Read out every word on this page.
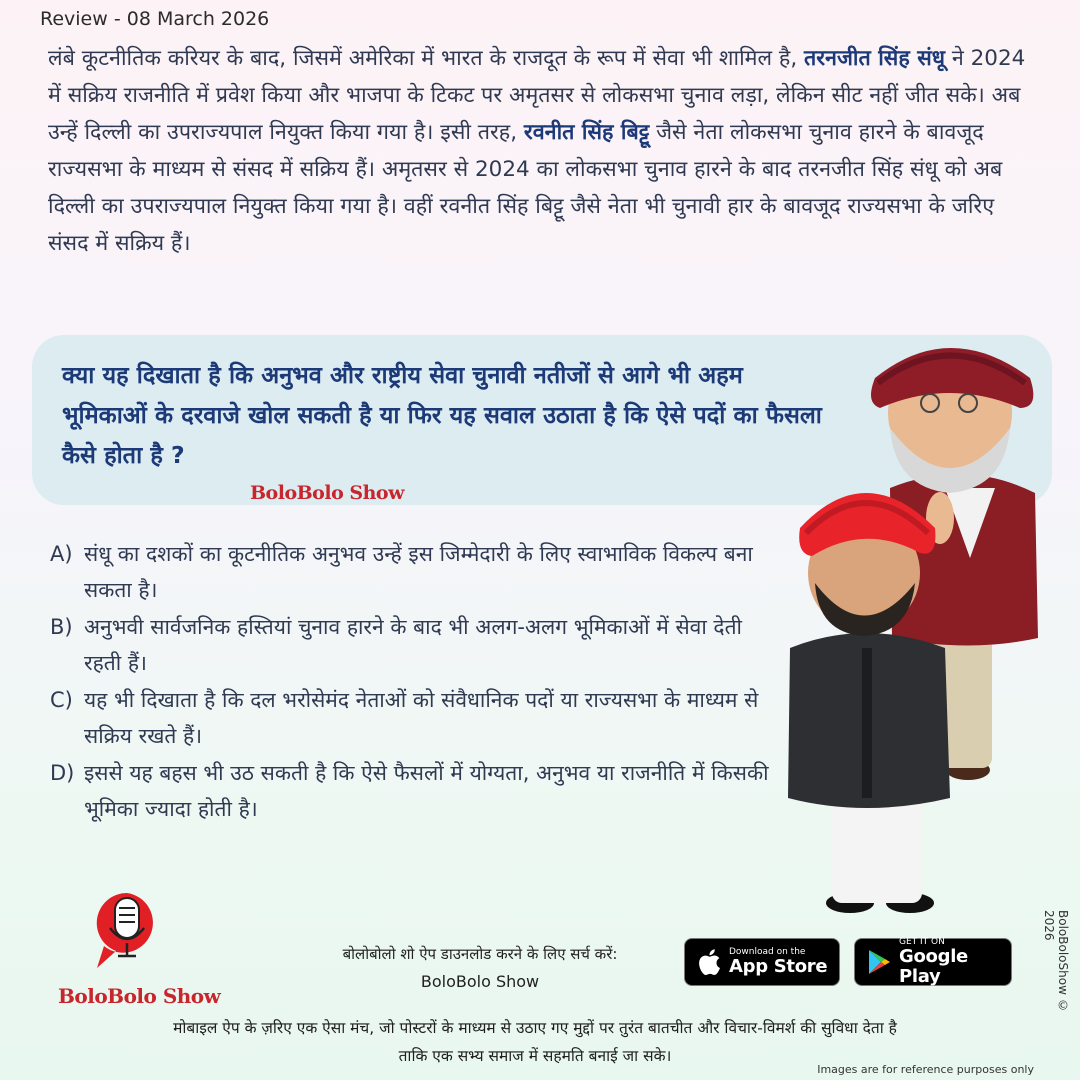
Review - 08 March 2026
लंबे कूटनीतिक करियर के बाद, जिसमें अमेरिका में भारत के राजदूत के रूप में सेवा भी शामिल है, तरनजीत सिंह संधू ने 2024 में सक्रिय राजनीति में प्रवेश किया और भाजपा के टिकट पर अमृतसर से लोकसभा चुनाव लड़ा, लेकिन सीट नहीं जीत सके। अब उन्हें दिल्ली का उपराज्यपाल नियुक्त किया गया है। इसी तरह, रवनीत सिंह बिट्टू जैसे नेता लोकसभा चुनाव हारने के बावजूद राज्यसभा के माध्यम से संसद में सक्रिय हैं। अमृतसर से 2024 का लोकसभा चुनाव हारने के बाद तरनजीत सिंह संधू को अब दिल्ली का उपराज्यपाल नियुक्त किया गया है। वहीं रवनीत सिंह बिट्टू जैसे नेता भी चुनावी हार के बावजूद राज्यसभा के जरिए संसद में सक्रिय हैं।
क्या यह दिखाता है कि अनुभव और राष्ट्रीय सेवा चुनावी नतीजों से आगे भी अहम भूमिकाओं के दरवाजे खोल सकती है या फिर यह सवाल उठाता है कि ऐसे पदों का फैसला कैसे होता है ?
BoloBolo Show
A) संधू का दशकों का कूटनीतिक अनुभव उन्हें इस जिम्मेदारी के लिए स्वाभाविक विकल्प बना सकता है।
B) अनुभवी सार्वजनिक हस्तियां चुनाव हारने के बाद भी अलग-अलग भूमिकाओं में सेवा देती रहती हैं।
C) यह भी दिखाता है कि दल भरोसेमंद नेताओं को संवैधानिक पदों या राज्यसभा के माध्यम से सक्रिय रखते हैं।
D) इससे यह बहस भी उठ सकती है कि ऐसे फैसलों में योग्यता, अनुभव या राजनीति में किसकी भूमिका ज्यादा होती है।
BoloBoloShow © 2026
BoloBolo Show
बोलोबोलो शो ऐप डाउनलोड करने के लिए सर्च करें:
BoloBolo Show
Download on the
App Store
GET IT ON
Google Play
मोबाइल ऐप के ज़रिए एक ऐसा मंच, जो पोस्टरों के माध्यम से उठाए गए मुद्दों पर तुरंत बातचीत और विचार-विमर्श की सुविधा देता है
ताकि एक सभ्य समाज में सहमति बनाई जा सके।
Images are for reference purposes only
